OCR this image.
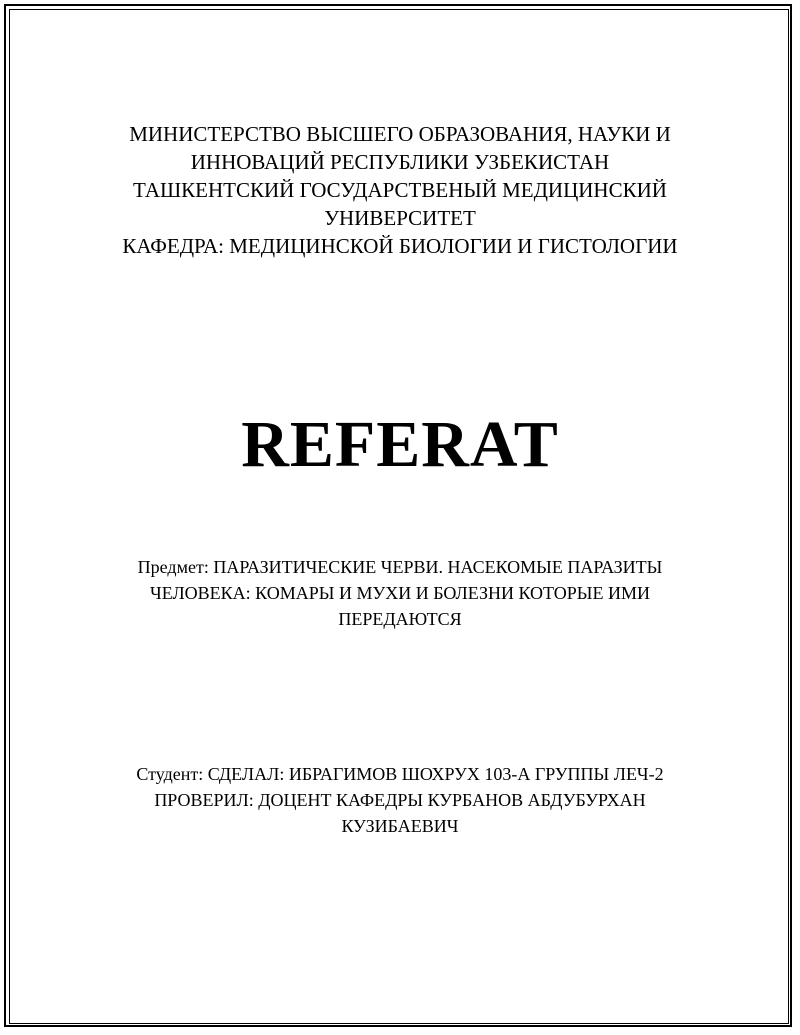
МИНИСТЕРСТВО ВЫСШЕГО ОБРАЗОВАНИЯ, НАУКИ И
ИННОВАЦИЙ РЕСПУБЛИКИ УЗБЕКИСТАН
ТАШКЕНТСКИЙ ГОСУДАРСТВЕНЫЙ МЕДИЦИНСКИЙ
УНИВЕРСИТЕТ
КАФЕДРА: МЕДИЦИНСКОЙ БИОЛОГИИ И ГИСТОЛОГИИ
REFERAT
Предмет: ПАРАЗИТИЧЕСКИЕ ЧЕРВИ. НАСЕКОМЫЕ ПАРАЗИТЫ
ЧЕЛОВЕКА: КОМАРЫ И МУХИ И БОЛЕЗНИ КОТОРЫЕ ИМИ
ПЕРЕДАЮТСЯ
Студент: СДЕЛАЛ: ИБРАГИМОВ ШОХРУХ 103-А ГРУППЫ ЛЕЧ-2
ПРОВЕРИЛ: ДОЦЕНТ КАФЕДРЫ КУРБАНОВ АБДУБУРХАН
КУЗИБАЕВИЧ
